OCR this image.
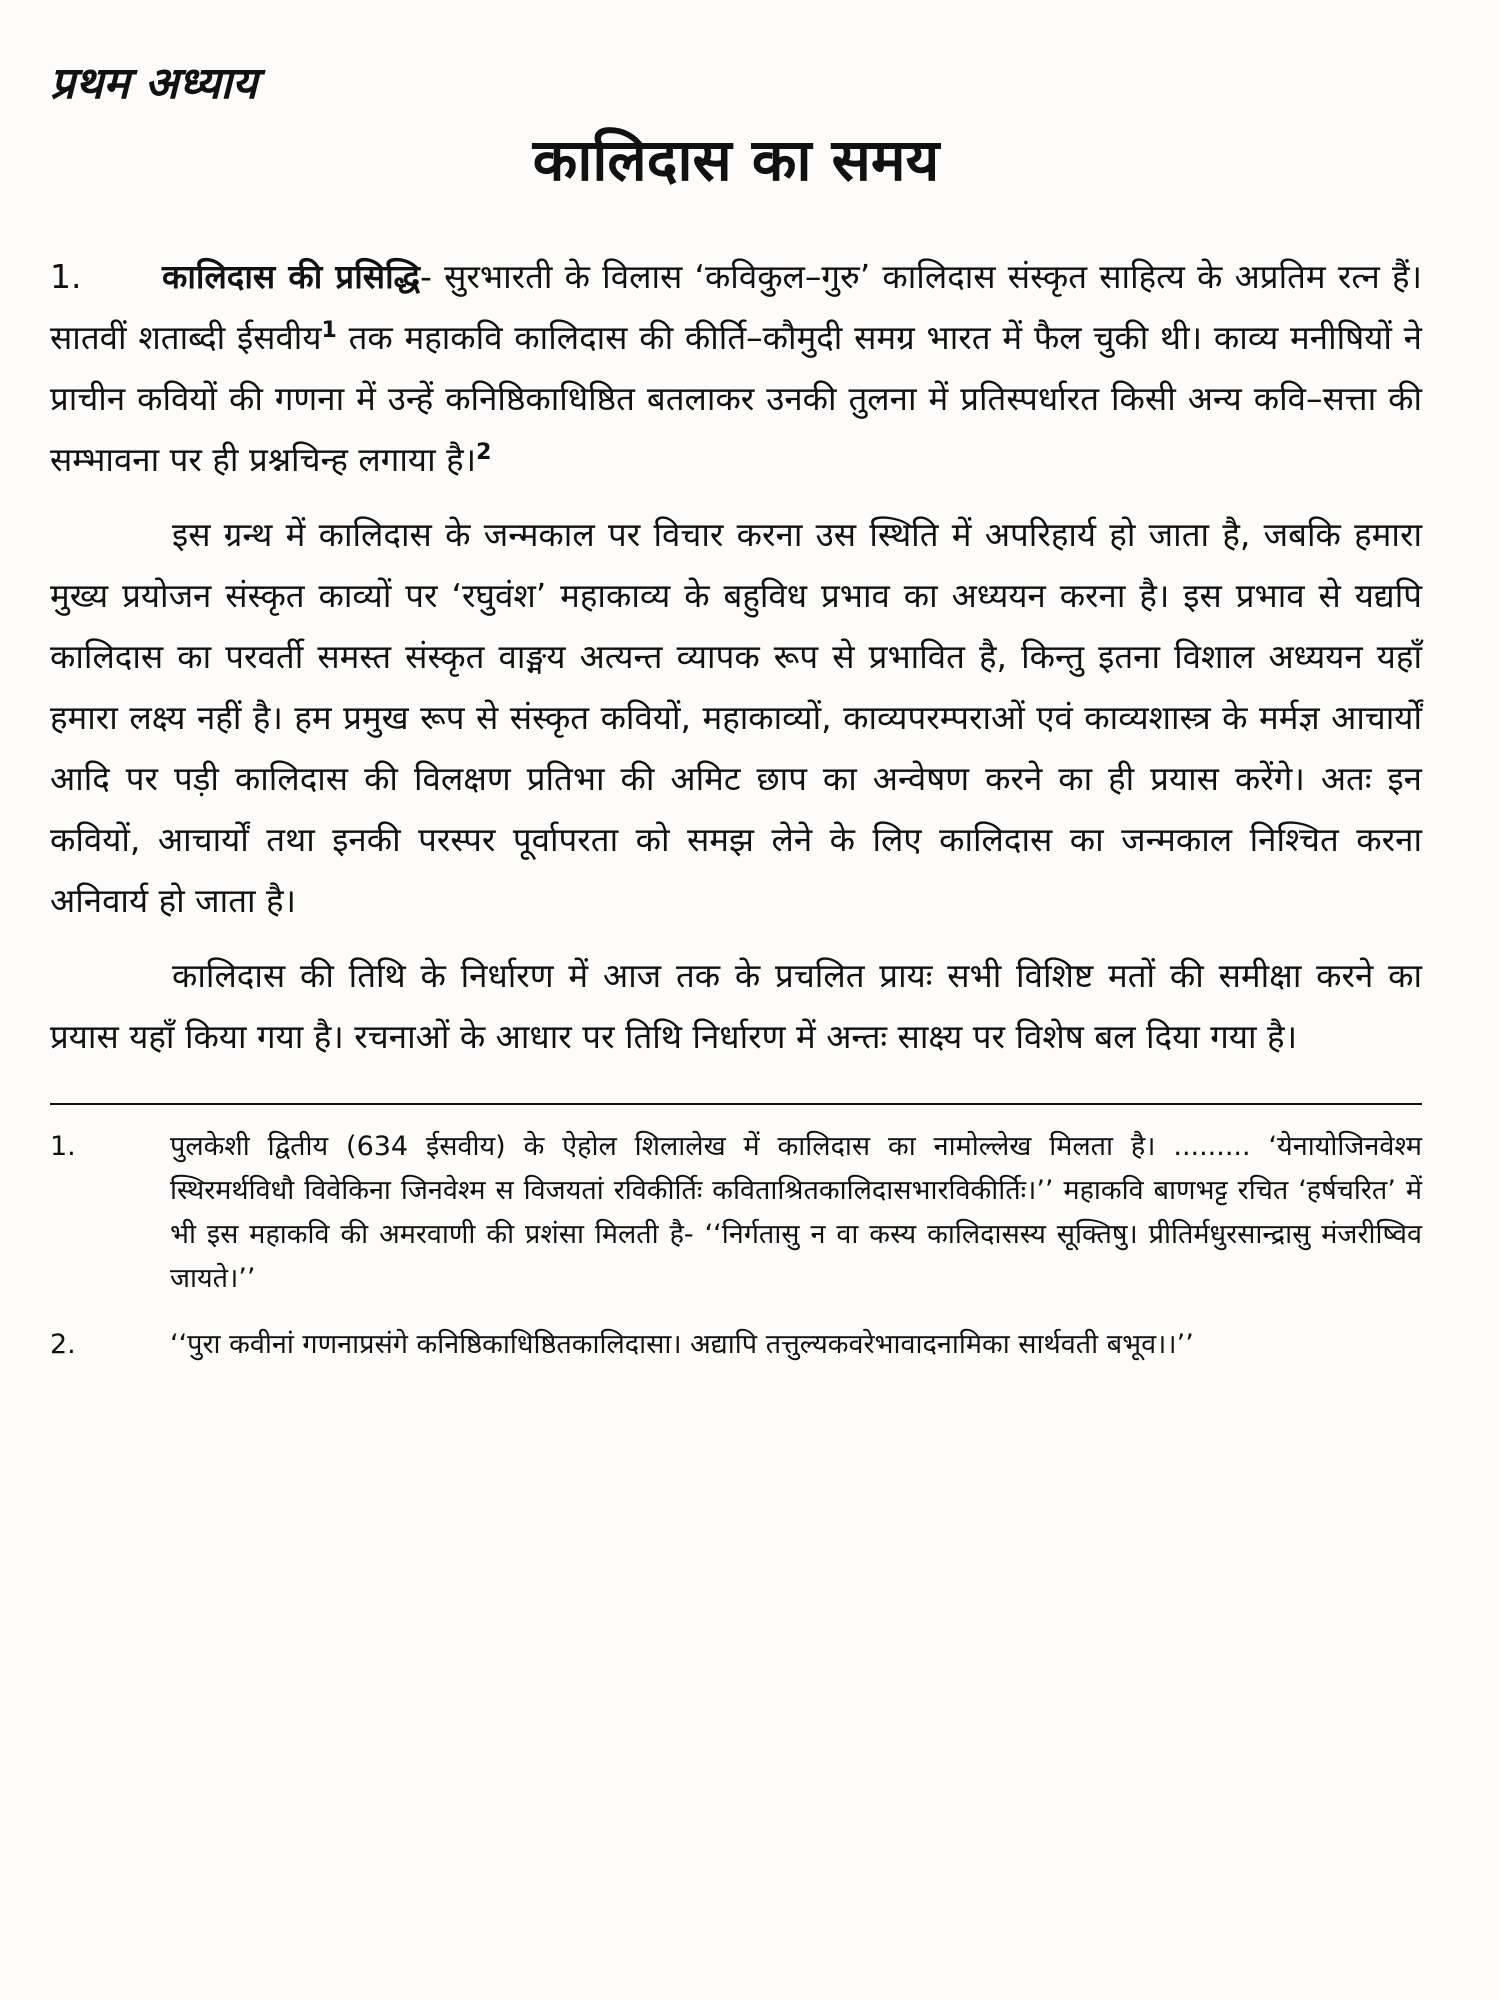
प्रथम अध्याय
कालिदास का समय

1. कालिदास की प्रसिद्धि- सुरभारती के विलास ‘कविकुल–गुरु’ कालिदास संस्कृत साहित्य के अप्रतिम रत्न हैं। सातवीं शताब्दी ईसवीय$^1$ तक महाकवि कालिदास की कीर्ति–कौमुदी समग्र भारत में फैल चुकी थी। काव्य मनीषियों ने प्राचीन कवियों की गणना में उन्हें कनिष्ठिकाधिष्ठित बतलाकर उनकी तुलना में प्रतिस्पर्धारत किसी अन्य कवि–सत्ता की सम्भावना पर ही प्रश्नचिन्ह लगाया है।$^2$

इस ग्रन्थ में कालिदास के जन्मकाल पर विचार करना उस स्थिति में अपरिहार्य हो जाता है, जबकि हमारा मुख्य प्रयोजन संस्कृत काव्यों पर ‘रघुवंश’ महाकाव्य के बहुविध प्रभाव का अध्ययन करना है। इस प्रभाव से यद्यपि कालिदास का परवर्ती समस्त संस्कृत वाङ्मय अत्यन्त व्यापक रूप से प्रभावित है, किन्तु इतना विशाल अध्ययन यहाँ हमारा लक्ष्य नहीं है। हम प्रमुख रूप से संस्कृत कवियों, महाकाव्यों, काव्यपरम्पराओं एवं काव्यशास्त्र के मर्मज्ञ आचार्यों आदि पर पड़ी कालिदास की विलक्षण प्रतिभा की अमिट छाप का अन्वेषण करने का ही प्रयास करेंगे। अतः इन कवियों, आचार्यों तथा इनकी परस्पर पूर्वापरता को समझ लेने के लिए कालिदास का जन्मकाल निश्चित करना अनिवार्य हो जाता है।

कालिदास की तिथि के निर्धारण में आज तक के प्रचलित प्रायः सभी विशिष्ट मतों की समीक्षा करने का प्रयास यहाँ किया गया है। रचनाओं के आधार पर तिथि निर्धारण में अन्तः साक्ष्य पर विशेष बल दिया गया है।

1.	पुलकेशी द्वितीय (634 ईसवीय) के ऐहोल शिलालेख में कालिदास का नामोल्लेख मिलता है। ......... ‘येनायोजिनवेश्म स्थिरमर्थविधौ विवेकिना जिनवेश्म स विजयतां रविकीर्तिः कविताश्रितकालिदासभारविकीर्तिः।’’ महाकवि बाणभट्ट रचित ‘हर्षचरित’ में भी इस महाकवि की अमरवाणी की प्रशंसा मिलती है- ‘‘निर्गतासु न वा कस्य कालिदासस्य सूक्तिषु। प्रीतिर्मधुरसान्द्रासु मंजरीष्विव जायते।’’
2.	‘‘पुरा कवीनां गणनाप्रसंगे कनिष्ठिकाधिष्ठितकालिदासा। अद्यापि तत्तुल्यकवरेभावादनामिका सार्थवती बभूव।।’’
